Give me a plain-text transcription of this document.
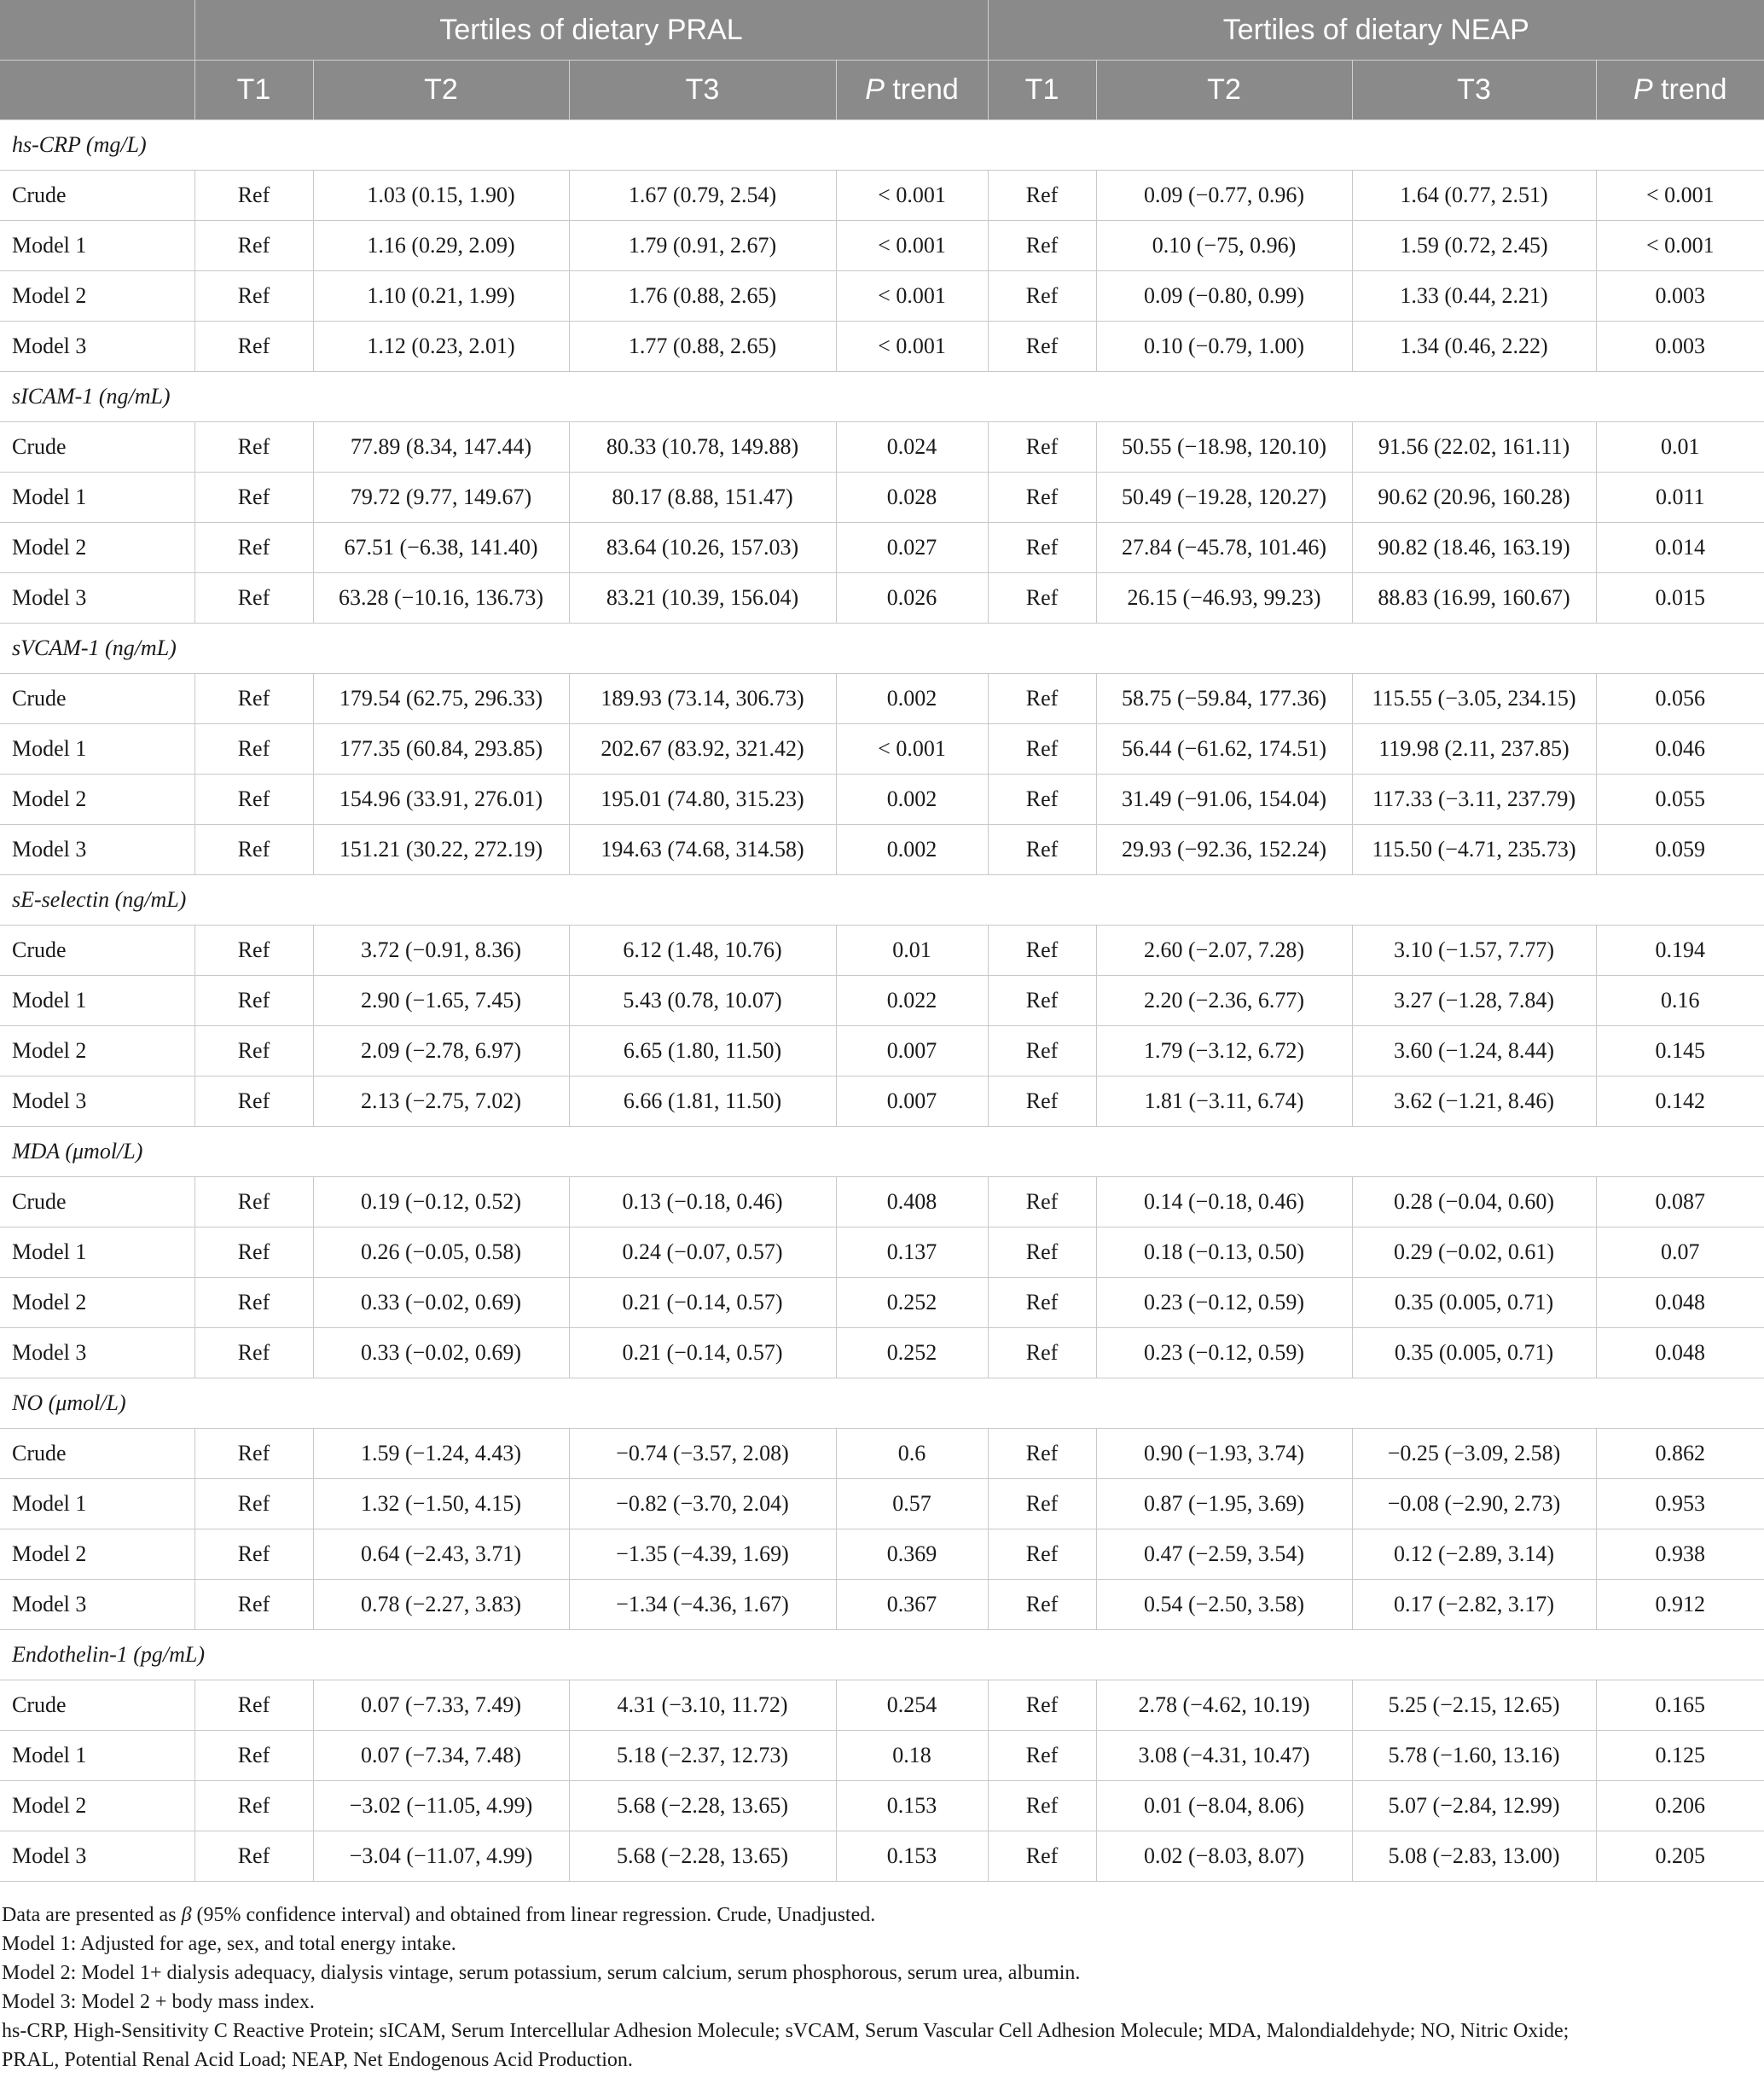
	Tertiles of dietary PRAL				Tertiles of dietary NEAP			
	T1	T2	T3	P trend	T1	T2	T3	P trend
hs-CRP (mg/L)								
Crude	Ref	1.03 (0.15, 1.90)	1.67 (0.79, 2.54)	< 0.001	Ref	0.09 (−0.77, 0.96)	1.64 (0.77, 2.51)	< 0.001
Model 1	Ref	1.16 (0.29, 2.09)	1.79 (0.91, 2.67)	< 0.001	Ref	0.10 (−75, 0.96)	1.59 (0.72, 2.45)	< 0.001
Model 2	Ref	1.10 (0.21, 1.99)	1.76 (0.88, 2.65)	< 0.001	Ref	0.09 (−0.80, 0.99)	1.33 (0.44, 2.21)	0.003
Model 3	Ref	1.12 (0.23, 2.01)	1.77 (0.88, 2.65)	< 0.001	Ref	0.10 (−0.79, 1.00)	1.34 (0.46, 2.22)	0.003
sICAM-1 (ng/mL)								
Crude	Ref	77.89 (8.34, 147.44)	80.33 (10.78, 149.88)	0.024	Ref	50.55 (−18.98, 120.10)	91.56 (22.02, 161.11)	0.01
Model 1	Ref	79.72 (9.77, 149.67)	80.17 (8.88, 151.47)	0.028	Ref	50.49 (−19.28, 120.27)	90.62 (20.96, 160.28)	0.011
Model 2	Ref	67.51 (−6.38, 141.40)	83.64 (10.26, 157.03)	0.027	Ref	27.84 (−45.78, 101.46)	90.82 (18.46, 163.19)	0.014
Model 3	Ref	63.28 (−10.16, 136.73)	83.21 (10.39, 156.04)	0.026	Ref	26.15 (−46.93, 99.23)	88.83 (16.99, 160.67)	0.015
sVCAM-1 (ng/mL)								
Crude	Ref	179.54 (62.75, 296.33)	189.93 (73.14, 306.73)	0.002	Ref	58.75 (−59.84, 177.36)	115.55 (−3.05, 234.15)	0.056
Model 1	Ref	177.35 (60.84, 293.85)	202.67 (83.92, 321.42)	< 0.001	Ref	56.44 (−61.62, 174.51)	119.98 (2.11, 237.85)	0.046
Model 2	Ref	154.96 (33.91, 276.01)	195.01 (74.80, 315.23)	0.002	Ref	31.49 (−91.06, 154.04)	117.33 (−3.11, 237.79)	0.055
Model 3	Ref	151.21 (30.22, 272.19)	194.63 (74.68, 314.58)	0.002	Ref	29.93 (−92.36, 152.24)	115.50 (−4.71, 235.73)	0.059
sE-selectin (ng/mL)								
Crude	Ref	3.72 (−0.91, 8.36)	6.12 (1.48, 10.76)	0.01	Ref	2.60 (−2.07, 7.28)	3.10 (−1.57, 7.77)	0.194
Model 1	Ref	2.90 (−1.65, 7.45)	5.43 (0.78, 10.07)	0.022	Ref	2.20 (−2.36, 6.77)	3.27 (−1.28, 7.84)	0.16
Model 2	Ref	2.09 (−2.78, 6.97)	6.65 (1.80, 11.50)	0.007	Ref	1.79 (−3.12, 6.72)	3.60 (−1.24, 8.44)	0.145
Model 3	Ref	2.13 (−2.75, 7.02)	6.66 (1.81, 11.50)	0.007	Ref	1.81 (−3.11, 6.74)	3.62 (−1.21, 8.46)	0.142
MDA (μmol/L)								
Crude	Ref	0.19 (−0.12, 0.52)	0.13 (−0.18, 0.46)	0.408	Ref	0.14 (−0.18, 0.46)	0.28 (−0.04, 0.60)	0.087
Model 1	Ref	0.26 (−0.05, 0.58)	0.24 (−0.07, 0.57)	0.137	Ref	0.18 (−0.13, 0.50)	0.29 (−0.02, 0.61)	0.07
Model 2	Ref	0.33 (−0.02, 0.69)	0.21 (−0.14, 0.57)	0.252	Ref	0.23 (−0.12, 0.59)	0.35 (0.005, 0.71)	0.048
Model 3	Ref	0.33 (−0.02, 0.69)	0.21 (−0.14, 0.57)	0.252	Ref	0.23 (−0.12, 0.59)	0.35 (0.005, 0.71)	0.048
NO (μmol/L)								
Crude	Ref	1.59 (−1.24, 4.43)	−0.74 (−3.57, 2.08)	0.6	Ref	0.90 (−1.93, 3.74)	−0.25 (−3.09, 2.58)	0.862
Model 1	Ref	1.32 (−1.50, 4.15)	−0.82 (−3.70, 2.04)	0.57	Ref	0.87 (−1.95, 3.69)	−0.08 (−2.90, 2.73)	0.953
Model 2	Ref	0.64 (−2.43, 3.71)	−1.35 (−4.39, 1.69)	0.369	Ref	0.47 (−2.59, 3.54)	0.12 (−2.89, 3.14)	0.938
Model 3	Ref	0.78 (−2.27, 3.83)	−1.34 (−4.36, 1.67)	0.367	Ref	0.54 (−2.50, 3.58)	0.17 (−2.82, 3.17)	0.912
Endothelin-1 (pg/mL)								
Crude	Ref	0.07 (−7.33, 7.49)	4.31 (−3.10, 11.72)	0.254	Ref	2.78 (−4.62, 10.19)	5.25 (−2.15, 12.65)	0.165
Model 1	Ref	0.07 (−7.34, 7.48)	5.18 (−2.37, 12.73)	0.18	Ref	3.08 (−4.31, 10.47)	5.78 (−1.60, 13.16)	0.125
Model 2	Ref	−3.02 (−11.05, 4.99)	5.68 (−2.28, 13.65)	0.153	Ref	0.01 (−8.04, 8.06)	5.07 (−2.84, 12.99)	0.206
Model 3	Ref	−3.04 (−11.07, 4.99)	5.68 (−2.28, 13.65)	0.153	Ref	0.02 (−8.03, 8.07)	5.08 (−2.83, 13.00)	0.205
Data are presented as β (95% confidence interval) and obtained from linear regression. Crude, Unadjusted.
Model 1: Adjusted for age, sex, and total energy intake.
Model 2: Model 1+ dialysis adequacy, dialysis vintage, serum potassium, serum calcium, serum phosphorous, serum urea, albumin.
Model 3: Model 2 + body mass index.
hs-CRP, High-Sensitivity C Reactive Protein; sICAM, Serum Intercellular Adhesion Molecule; sVCAM, Serum Vascular Cell Adhesion Molecule; MDA, Malondialdehyde; NO, Nitric Oxide;
PRAL, Potential Renal Acid Load; NEAP, Net Endogenous Acid Production.
